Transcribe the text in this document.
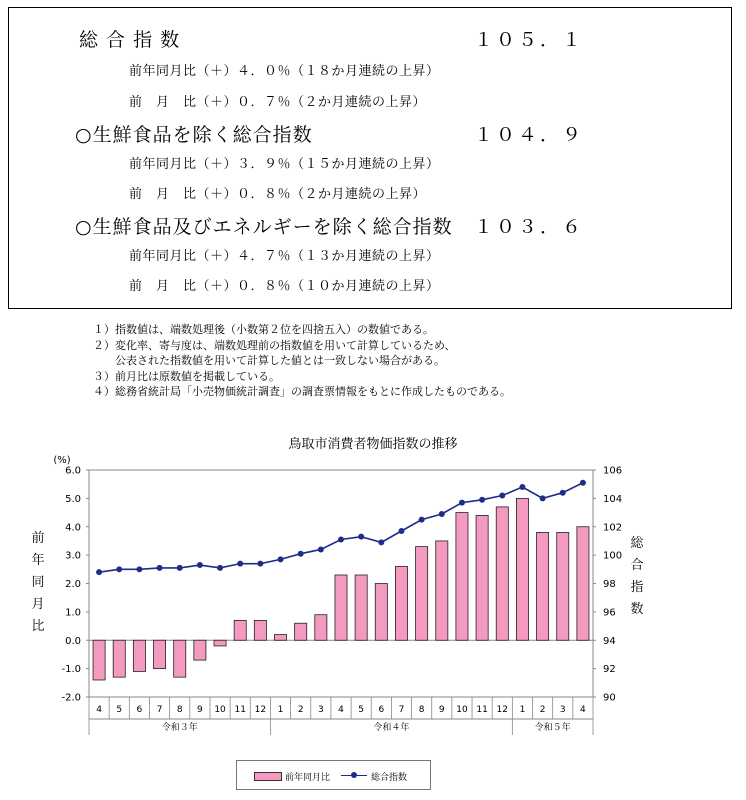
総 合 指 数	１０５．１
前年同月比（＋）４．０％（１８か月連続の上昇）
前　月　比（＋）０．７％（２か月連続の上昇）
○生鮮食品を除く総合指数	１０４．９
前年同月比（＋）３．９％（１５か月連続の上昇）
前　月　比（＋）０．８％（２か月連続の上昇）
○生鮮食品及びエネルギーを除く総合指数 １０３．６
前年同月比（＋）４．７％（１３か月連続の上昇）
前　月　比（＋）０．８％（１０か月連続の上昇）
１）指数値は、端数処理後（小数第２位を四捨五入）の数値である。
２）変化率、寄与度は、端数処理前の指数値を用いて計算しているため、
　　公表された指数値を用いて計算した値とは一致しない場合がある。
３）前月比は原数値を掲載している。
４）総務省統計局「小売物価統計調査」の調査票情報をもとに作成したものである。
鳥取市消費者物価指数の推移
前
年
同
月
比
総
合
指
数
6.0
5.0
4.0
3.0
2.0
1.0
0.0
-1.0
-2.0
(%)
106
104
102
100
98
96
94
92
90
4 5 6 7 8 9 10 11 12 1 2 3 4 5 6 7 8 9 10 11 12 1 2 3 4
令和３年	令和４年	令和５年
前年同月比	総合指数
